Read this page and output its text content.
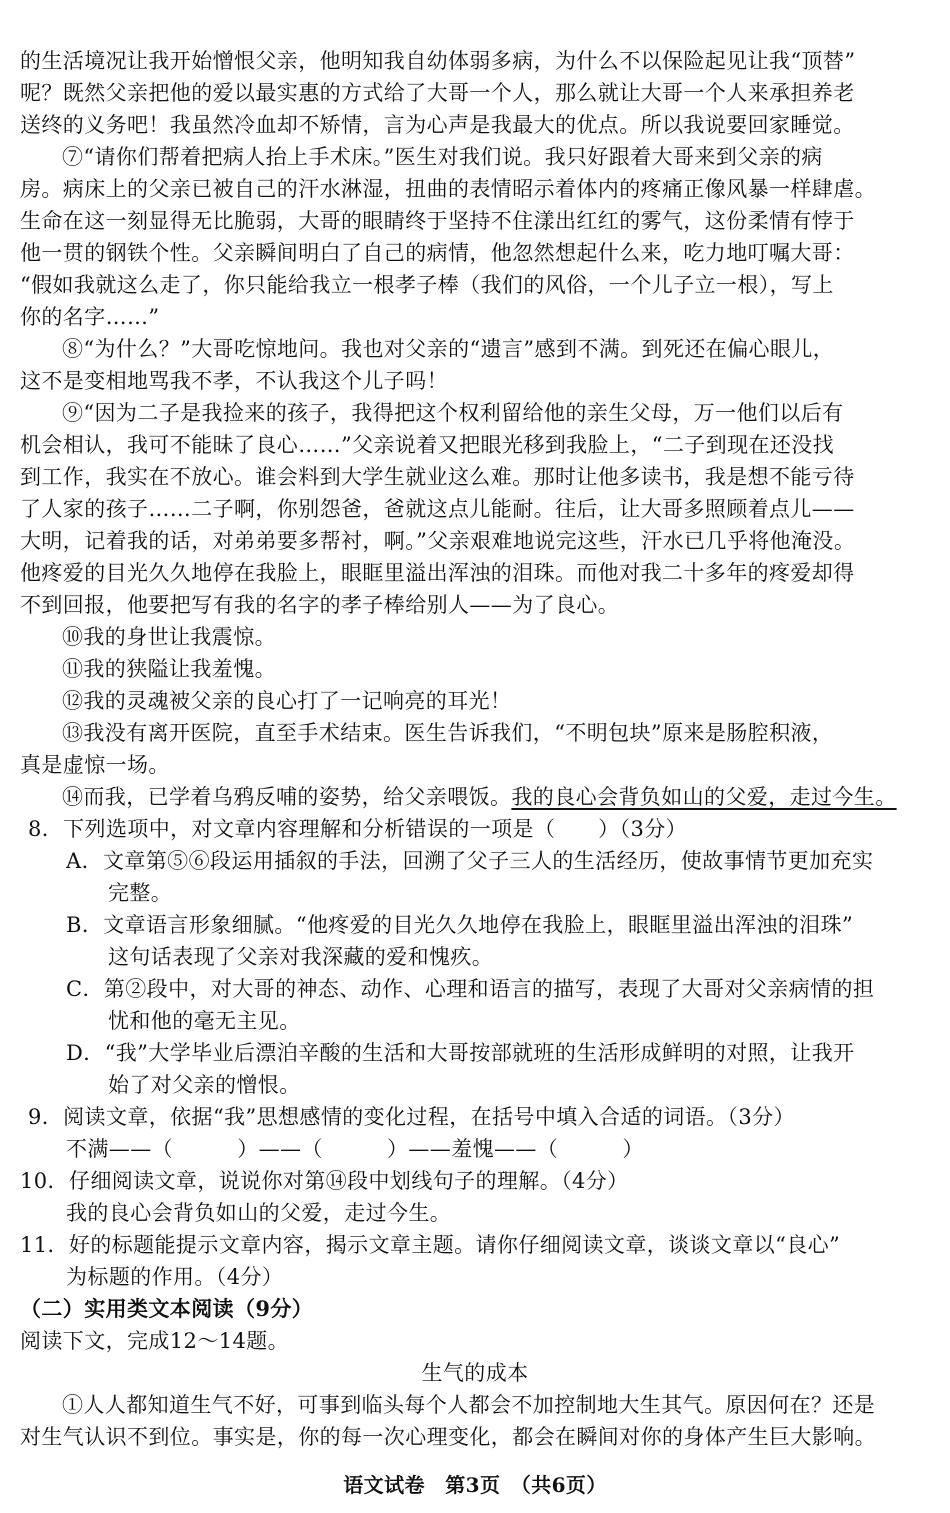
的生活境况让我开始憎恨父亲，他明知我自幼体弱多病，为什么不以保险起见让我“顶替”
呢？既然父亲把他的爱以最实惠的方式给了大哥一个人，那么就让大哥一个人来承担养老
送终的义务吧！我虽然冷血却不矫情，言为心声是我最大的优点。所以我说要回家睡觉。
⑦“请你们帮着把病人抬上手术床。”医生对我们说。我只好跟着大哥来到父亲的病
房。病床上的父亲已被自己的汗水淋湿，扭曲的表情昭示着体内的疼痛正像风暴一样肆虐。
生命在这一刻显得无比脆弱，大哥的眼睛终于坚持不住漾出红红的雾气，这份柔情有悖于
他一贯的钢铁个性。父亲瞬间明白了自己的病情，他忽然想起什么来，吃力地叮嘱大哥：
“假如我就这么走了，你只能给我立一根孝子棒（我们的风俗，一个儿子立一根），写上
你的名字……”
⑧“为什么？”大哥吃惊地问。我也对父亲的“遗言”感到不满。到死还在偏心眼儿，
这不是变相地骂我不孝，不认我这个儿子吗！
⑨“因为二子是我捡来的孩子，我得把这个权利留给他的亲生父母，万一他们以后有
机会相认，我可不能昧了良心……”父亲说着又把眼光移到我脸上，“二子到现在还没找
到工作，我实在不放心。谁会料到大学生就业这么难。那时让他多读书，我是想不能亏待
了人家的孩子……二子啊，你别怨爸，爸就这点儿能耐。往后，让大哥多照顾着点儿——
大明，记着我的话，对弟弟要多帮衬，啊。”父亲艰难地说完这些，汗水已几乎将他淹没。
他疼爱的目光久久地停在我脸上，眼眶里溢出浑浊的泪珠。而他对我二十多年的疼爱却得
不到回报，他要把写有我的名字的孝子棒给别人——为了良心。
⑩我的身世让我震惊。
⑪我的狭隘让我羞愧。
⑫我的灵魂被父亲的良心打了一记响亮的耳光！
⑬我没有离开医院，直至手术结束。医生告诉我们，“不明包块”原来是肠腔积液，
真是虚惊一场。
⑭而我，已学着乌鸦反哺的姿势，给父亲喂饭。我的良心会背负如山的父爱，走过今生。
8．下列选项中，对文章内容理解和分析错误的一项是（　　）（3分）
A．文章第⑤⑥段运用插叙的手法，回溯了父子三人的生活经历，使故事情节更加充实
完整。
B．文章语言形象细腻。“他疼爱的目光久久地停在我脸上，眼眶里溢出浑浊的泪珠”
这句话表现了父亲对我深藏的爱和愧疚。
C．第②段中，对大哥的神态、动作、心理和语言的描写，表现了大哥对父亲病情的担
忧和他的毫无主见。
D．“我”大学毕业后漂泊辛酸的生活和大哥按部就班的生活形成鲜明的对照，让我开
始了对父亲的憎恨。
9．阅读文章，依据“我”思想感情的变化过程，在括号中填入合适的词语。（3分）
不满——（　　　）——（　　　）——羞愧——（　　　）
10．仔细阅读文章，说说你对第⑭段中划线句子的理解。（4分）
我的良心会背负如山的父爱，走过今生。
11．好的标题能提示文章内容，揭示文章主题。请你仔细阅读文章，谈谈文章以“良心”
为标题的作用。（4分）
（二）实用类文本阅读（9分）
阅读下文，完成12～14题。
生气的成本
①人人都知道生气不好，可事到临头每个人都会不加控制地大生其气。原因何在？还是
对生气认识不到位。事实是，你的每一次心理变化，都会在瞬间对你的身体产生巨大影响。
语文试卷　第3页　（共6页）
